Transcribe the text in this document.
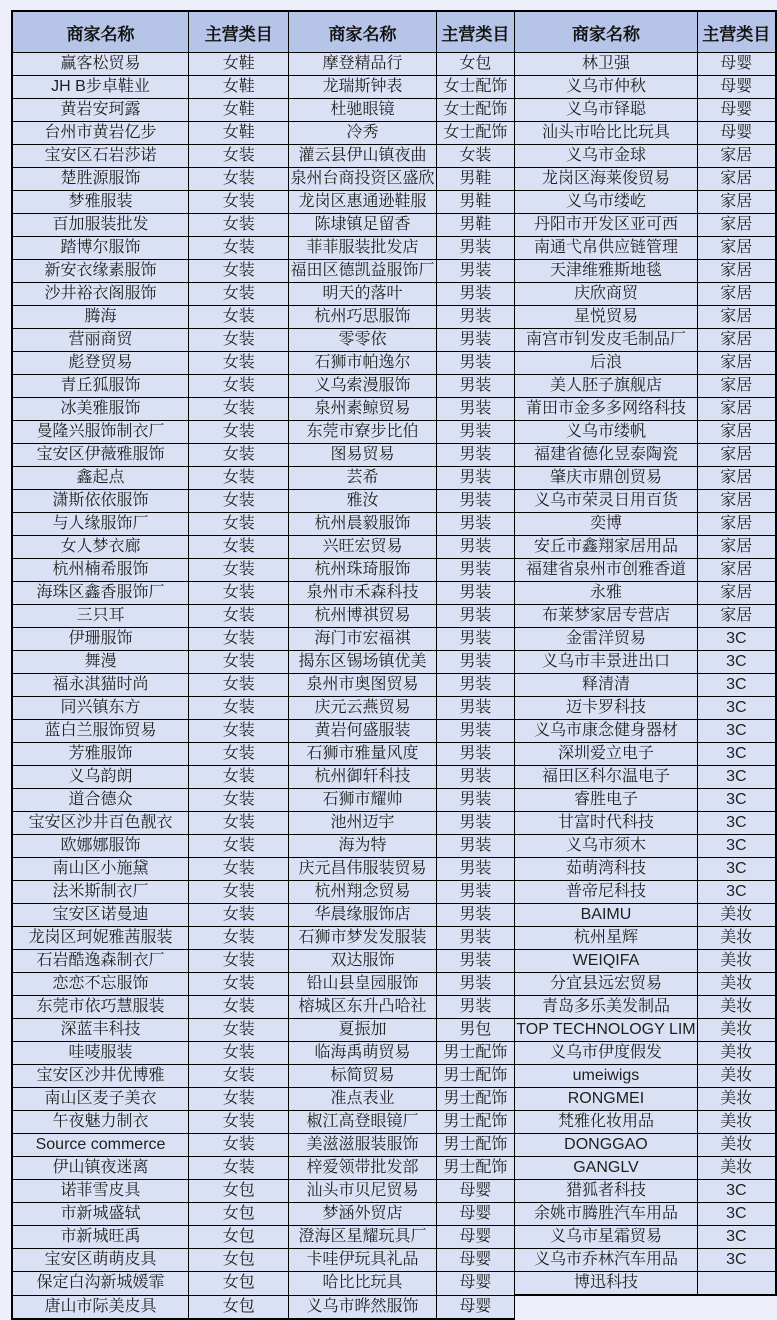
商家名称	主营类目	商家名称	主营类目	商家名称	主营类目
赢客松贸易	女鞋	摩登精品行	女包	林卫强	母婴
JH B步卓鞋业	女鞋	龙瑞斯钟表	女士配饰	义乌市仲秋	母婴
黄岩安珂露	女鞋	杜驰眼镜	女士配饰	义乌市铎聪	母婴
台州市黄岩亿步	女鞋	冷秀	女士配饰	汕头市哈比比玩具	母婴
宝安区石岩莎诺	女装	灌云县伊山镇夜曲	女装	义乌市金球	家居
楚胜源服饰	女装	泉州台商投资区盛欣	男鞋	龙岗区海莱俊贸易	家居
梦雅服装	女装	龙岗区惠通逊鞋服	男鞋	义乌市缕屹	家居
百加服装批发	女装	陈埭镇足留香	男鞋	丹阳市开发区亚可西	家居
踏博尔服饰	女装	菲菲服装批发店	男装	南通弋帛供应链管理	家居
新安衣缘素服饰	女装	福田区德凯益服饰厂	男装	天津维雅斯地毯	家居
沙井裕衣阁服饰	女装	明天的落叶	男装	庆欣商贸	家居
腾海	女装	杭州巧思服饰	男装	星悦贸易	家居
营丽商贸	女装	零零依	男装	南宫市钊发皮毛制品厂	家居
彪登贸易	女装	石狮市帕逸尔	男装	后浪	家居
青丘狐服饰	女装	义乌索漫服饰	男装	美人胚子旗舰店	家居
冰美雅服饰	女装	泉州素鲸贸易	男装	莆田市金多多网络科技	家居
曼隆兴服饰制衣厂	女装	东莞市寮步比伯	男装	义乌市缕帆	家居
宝安区伊薇雅服饰	女装	图易贸易	男装	福建省德化昱泰陶瓷	家居
鑫起点	女装	芸希	男装	肇庆市鼎创贸易	家居
潇斯依依服饰	女装	雅汝	男装	义乌市荣灵日用百货	家居
与人缘服饰厂	女装	杭州晨毅服饰	男装	奕博	家居
女人梦衣廊	女装	兴旺宏贸易	男装	安丘市鑫翔家居用品	家居
杭州楠希服饰	女装	杭州珠琦服饰	男装	福建省泉州市创雅香道	家居
海珠区鑫香服饰厂	女装	泉州市禾森科技	男装	永雅	家居
三只耳	女装	杭州博祺贸易	男装	布莱梦家居专营店	家居
伊珊服饰	女装	海门市宏福祺	男装	金雷洋贸易	3C
舞漫	女装	揭东区锡场镇优美	男装	义乌市丰景进出口	3C
福永淇猫时尚	女装	泉州市奥图贸易	男装	释清清	3C
同兴镇东方	女装	庆元云燕贸易	男装	迈卡罗科技	3C
蓝白兰服饰贸易	女装	黄岩何盛服装	男装	义乌市康念健身器材	3C
芳雅服饰	女装	石狮市雅量风度	男装	深圳爱立电子	3C
义乌韵朗	女装	杭州御轩科技	男装	福田区科尔温电子	3C
道合德众	女装	石狮市耀帅	男装	睿胜电子	3C
宝安区沙井百色靓衣	女装	池州迈宇	男装	甘富时代科技	3C
欧娜娜服饰	女装	海为特	男装	义乌市须木	3C
南山区小施黛	女装	庆元昌伟服装贸易	男装	茹萌湾科技	3C
法米斯制衣厂	女装	杭州翔念贸易	男装	普帝尼科技	3C
宝安区诺曼迪	女装	华晨缘服饰店	男装	BAIMU	美妆
龙岗区珂妮雅茜服装	女装	石狮市梦发发服装	男装	杭州星辉	美妆
石岩酷逸森制衣厂	女装	双达服饰	男装	WEIQIFA	美妆
恋恋不忘服饰	女装	铅山县皇园服饰	男装	分宜县远宏贸易	美妆
东莞市依巧慧服装	女装	榕城区东升凸哈社	男装	青岛多乐美发制品	美妆
深蓝丰科技	女装	夏振加	男包	TOP TECHNOLOGY LIM	美妆
哇唛服装	女装	临海禹萌贸易	男士配饰	义乌市伊度假发	美妆
宝安区沙井优博雅	女装	标简贸易	男士配饰	umeiwigs	美妆
南山区麦子美衣	女装	准点表业	男士配饰	RONGMEI	美妆
午夜魅力制衣	女装	椒江高登眼镜厂	男士配饰	梵雅化妆用品	美妆
Source commerce	女装	美滋滋服装服饰	男士配饰	DONGGAO	美妆
伊山镇夜迷离	女装	梓爱领带批发部	男士配饰	GANGLV	美妆
诺菲雪皮具	女包	汕头市贝尼贸易	母婴	猎狐者科技	3C
市新城盛轼	女包	梦涵外贸店	母婴	余姚市腾胜汽车用品	3C
市新城旺禹	女包	澄海区星耀玩具厂	母婴	义乌市星霜贸易	3C
宝安区萌萌皮具	女包	卡哇伊玩具礼品	母婴	义乌市乔林汽车用品	3C
保定白沟新城媛霏	女包	哈比比玩具	母婴	博迅科技	
唐山市际美皮具	女包	义乌市晔然服饰	母婴		
